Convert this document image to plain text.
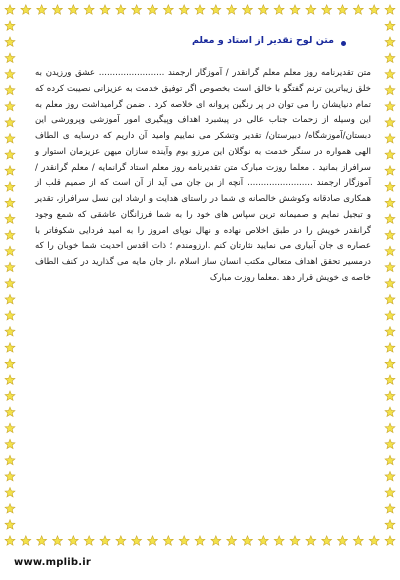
متن لوح تقدیر از استاد و معلم

متن تقدیرنامه روز معلم معلم گرانقدر / آموزگار ارجمند ........................ عشق ورزیدن به خلق زیباترین ترنم گفتگو با خالق است بخصوص اگر توفیق خدمت به عزیزانی نصیبت کرده که تمام دنیایشان را می توان در پر رنگین پروانه ای خلاصه کرد . ضمن گرامیداشت روز معلم به این وسیله از زحمات جناب عالی در پیشبرد اهداف وپیگیری امور آموزشی وپرورشی این دبستان/آموزشگاه/ دبیرستان/ تقدیر وتشکر می نماییم وامید آن داریم که درسایه ی الطاف الهی همواره در سنگر خدمت به نوگلان این مرزو بوم وآینده سازان میهن عزیزمان استوار و سرافراز بمانید . معلما روزت مبارک متن تقدیرنامه روز معلم استاد گرانمایه / معلم گرانقدر / آموزگار ارجمند ........................ آنچه از بن جان می آید از آن است که از صمیم قلب از همکاری صادقانه وکوشش خالصانه ی شما در راستای هدایت و ارشاد این نسل سرافراز، تقدیر و تبجیل نمایم و صمیمانه ترین سپاس های خود را به شما فرزانگان عاشقی که شمع وجود گرانقدر خویش را در طبق اخلاص نهاده و نهال نوپای امروز را به امید فردایی شکوفاتر با عصاره ی جان آبیاری می نمایید نثارتان کنم .ارزومندم ؛ ذات اقدس احدیت شما خوبان را که درمسیر تحقق اهداف متعالی مکتب انسان ساز اسلام ،از جان مایه می گذارید در کنف الطاف خاصه ی خویش قرار دهد .معلما روزت مبارک

www.mplib.ir
